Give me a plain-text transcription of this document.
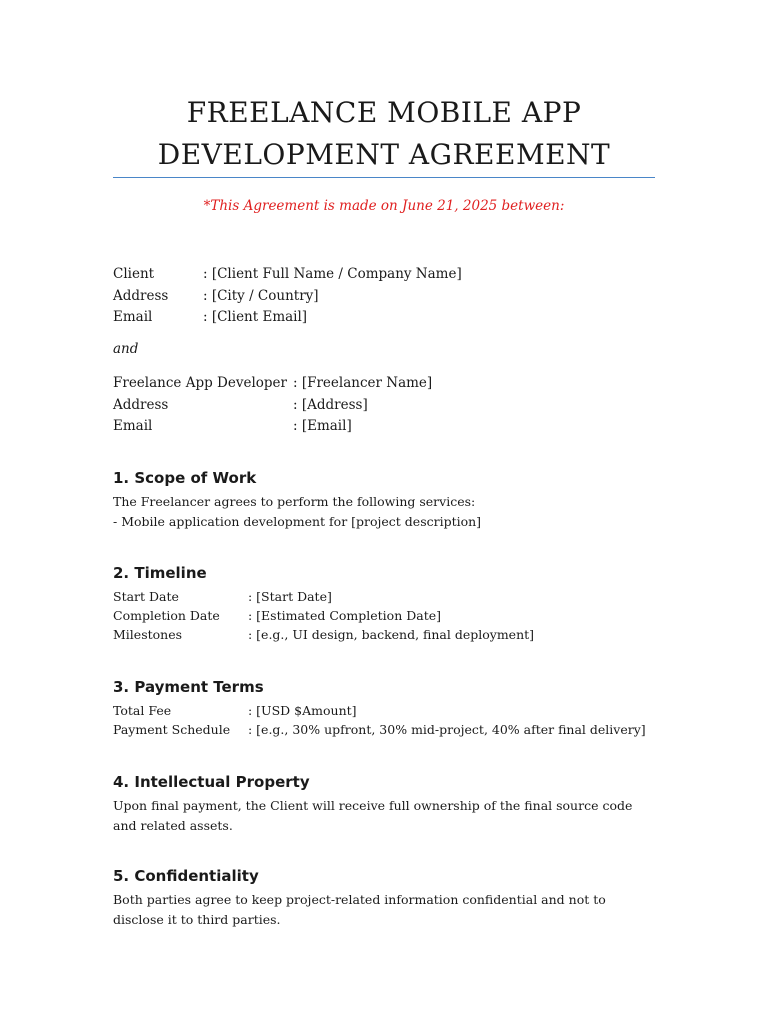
FREELANCE MOBILE APP
DEVELOPMENT AGREEMENT
*This Agreement is made on June 21, 2025 between:
Client	: [Client Full Name / Company Name]
Address	: [City / Country]
Email	: [Client Email]
and
Freelance App Developer : [Freelancer Name]
Address	: [Address]
Email	: [Email]
1. Scope of Work
The Freelancer agrees to perform the following services:
- Mobile application development for [project description]
2. Timeline
Start Date	: [Start Date]
Completion Date	: [Estimated Completion Date]
Milestones	: [e.g., UI design, backend, final deployment]
3. Payment Terms
Total Fee	: [USD $Amount]
Payment Schedule	: [e.g., 30% upfront, 30% mid-project, 40% after final delivery]
4. Intellectual Property
Upon final payment, the Client will receive full ownership of the final source code and related assets.
5. Confidentiality
Both parties agree to keep project-related information confidential and not to disclose it to third parties.
